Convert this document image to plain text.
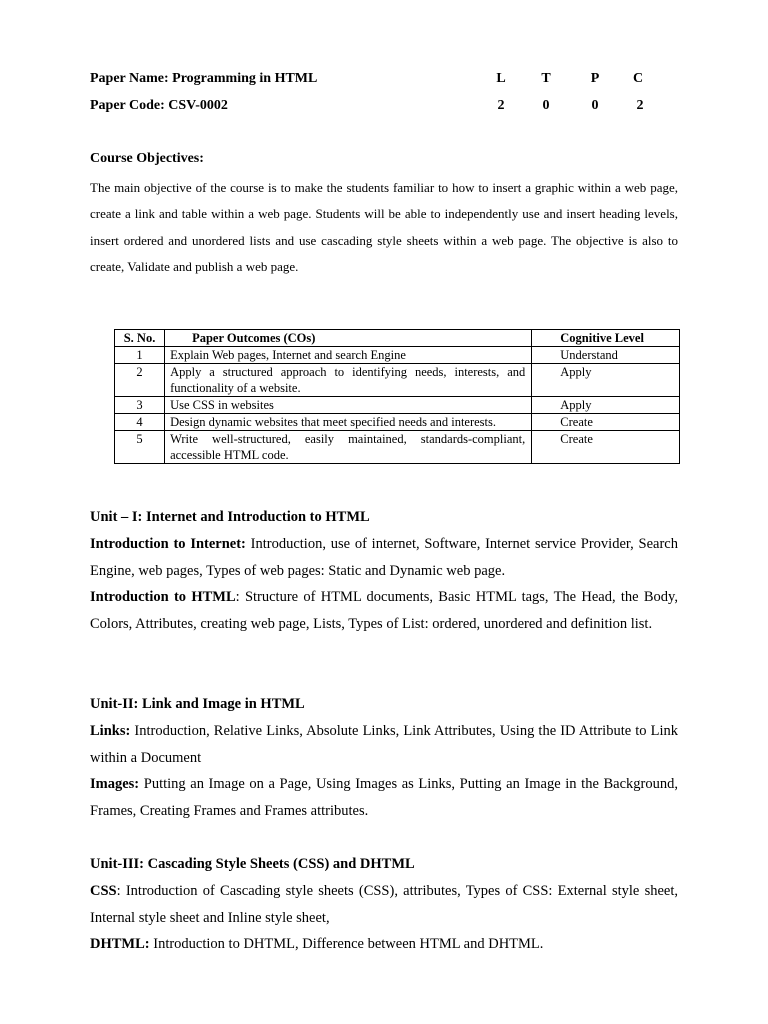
Paper Name: Programming in HTML
Paper Code: CSV-0002
L	T	P	C
2	0	0	2
Course Objectives:
The main objective of the course is to make the students familiar to how to insert a graphic within a web page, create a link and table within a web page. Students will be able to independently use and insert heading levels, insert ordered and unordered lists and use cascading style sheets within a web page. The objective is also to create, Validate and publish a web page.
S. No.	Paper Outcomes (COs)	Cognitive Level
1	Explain Web pages, Internet and search Engine	Understand
2	Apply a structured approach to identifying needs, interests, and functionality of a website.	Apply
3	Use CSS in websites	Apply
4	Design dynamic websites that meet specified needs and interests.	Create
5	Write well-structured, easily maintained, standards-compliant, accessible HTML code.	Create
Unit – I: Internet and Introduction to HTML
Introduction to Internet: Introduction, use of internet, Software, Internet service Provider, Search Engine, web pages, Types of web pages: Static and Dynamic web page.
Introduction to HTML: Structure of HTML documents, Basic HTML tags, The Head, the Body, Colors, Attributes, creating web page, Lists, Types of List: ordered, unordered and definition list.
Unit-II: Link and Image in HTML
Links: Introduction, Relative Links, Absolute Links, Link Attributes, Using the ID Attribute to Link within a Document
Images: Putting an Image on a Page, Using Images as Links, Putting an Image in the Background, Frames, Creating Frames and Frames attributes.
Unit-III: Cascading Style Sheets (CSS) and DHTML
CSS: Introduction of Cascading style sheets (CSS), attributes, Types of CSS: External style sheet, Internal style sheet and Inline style sheet,
DHTML: Introduction to DHTML, Difference between HTML and DHTML.
